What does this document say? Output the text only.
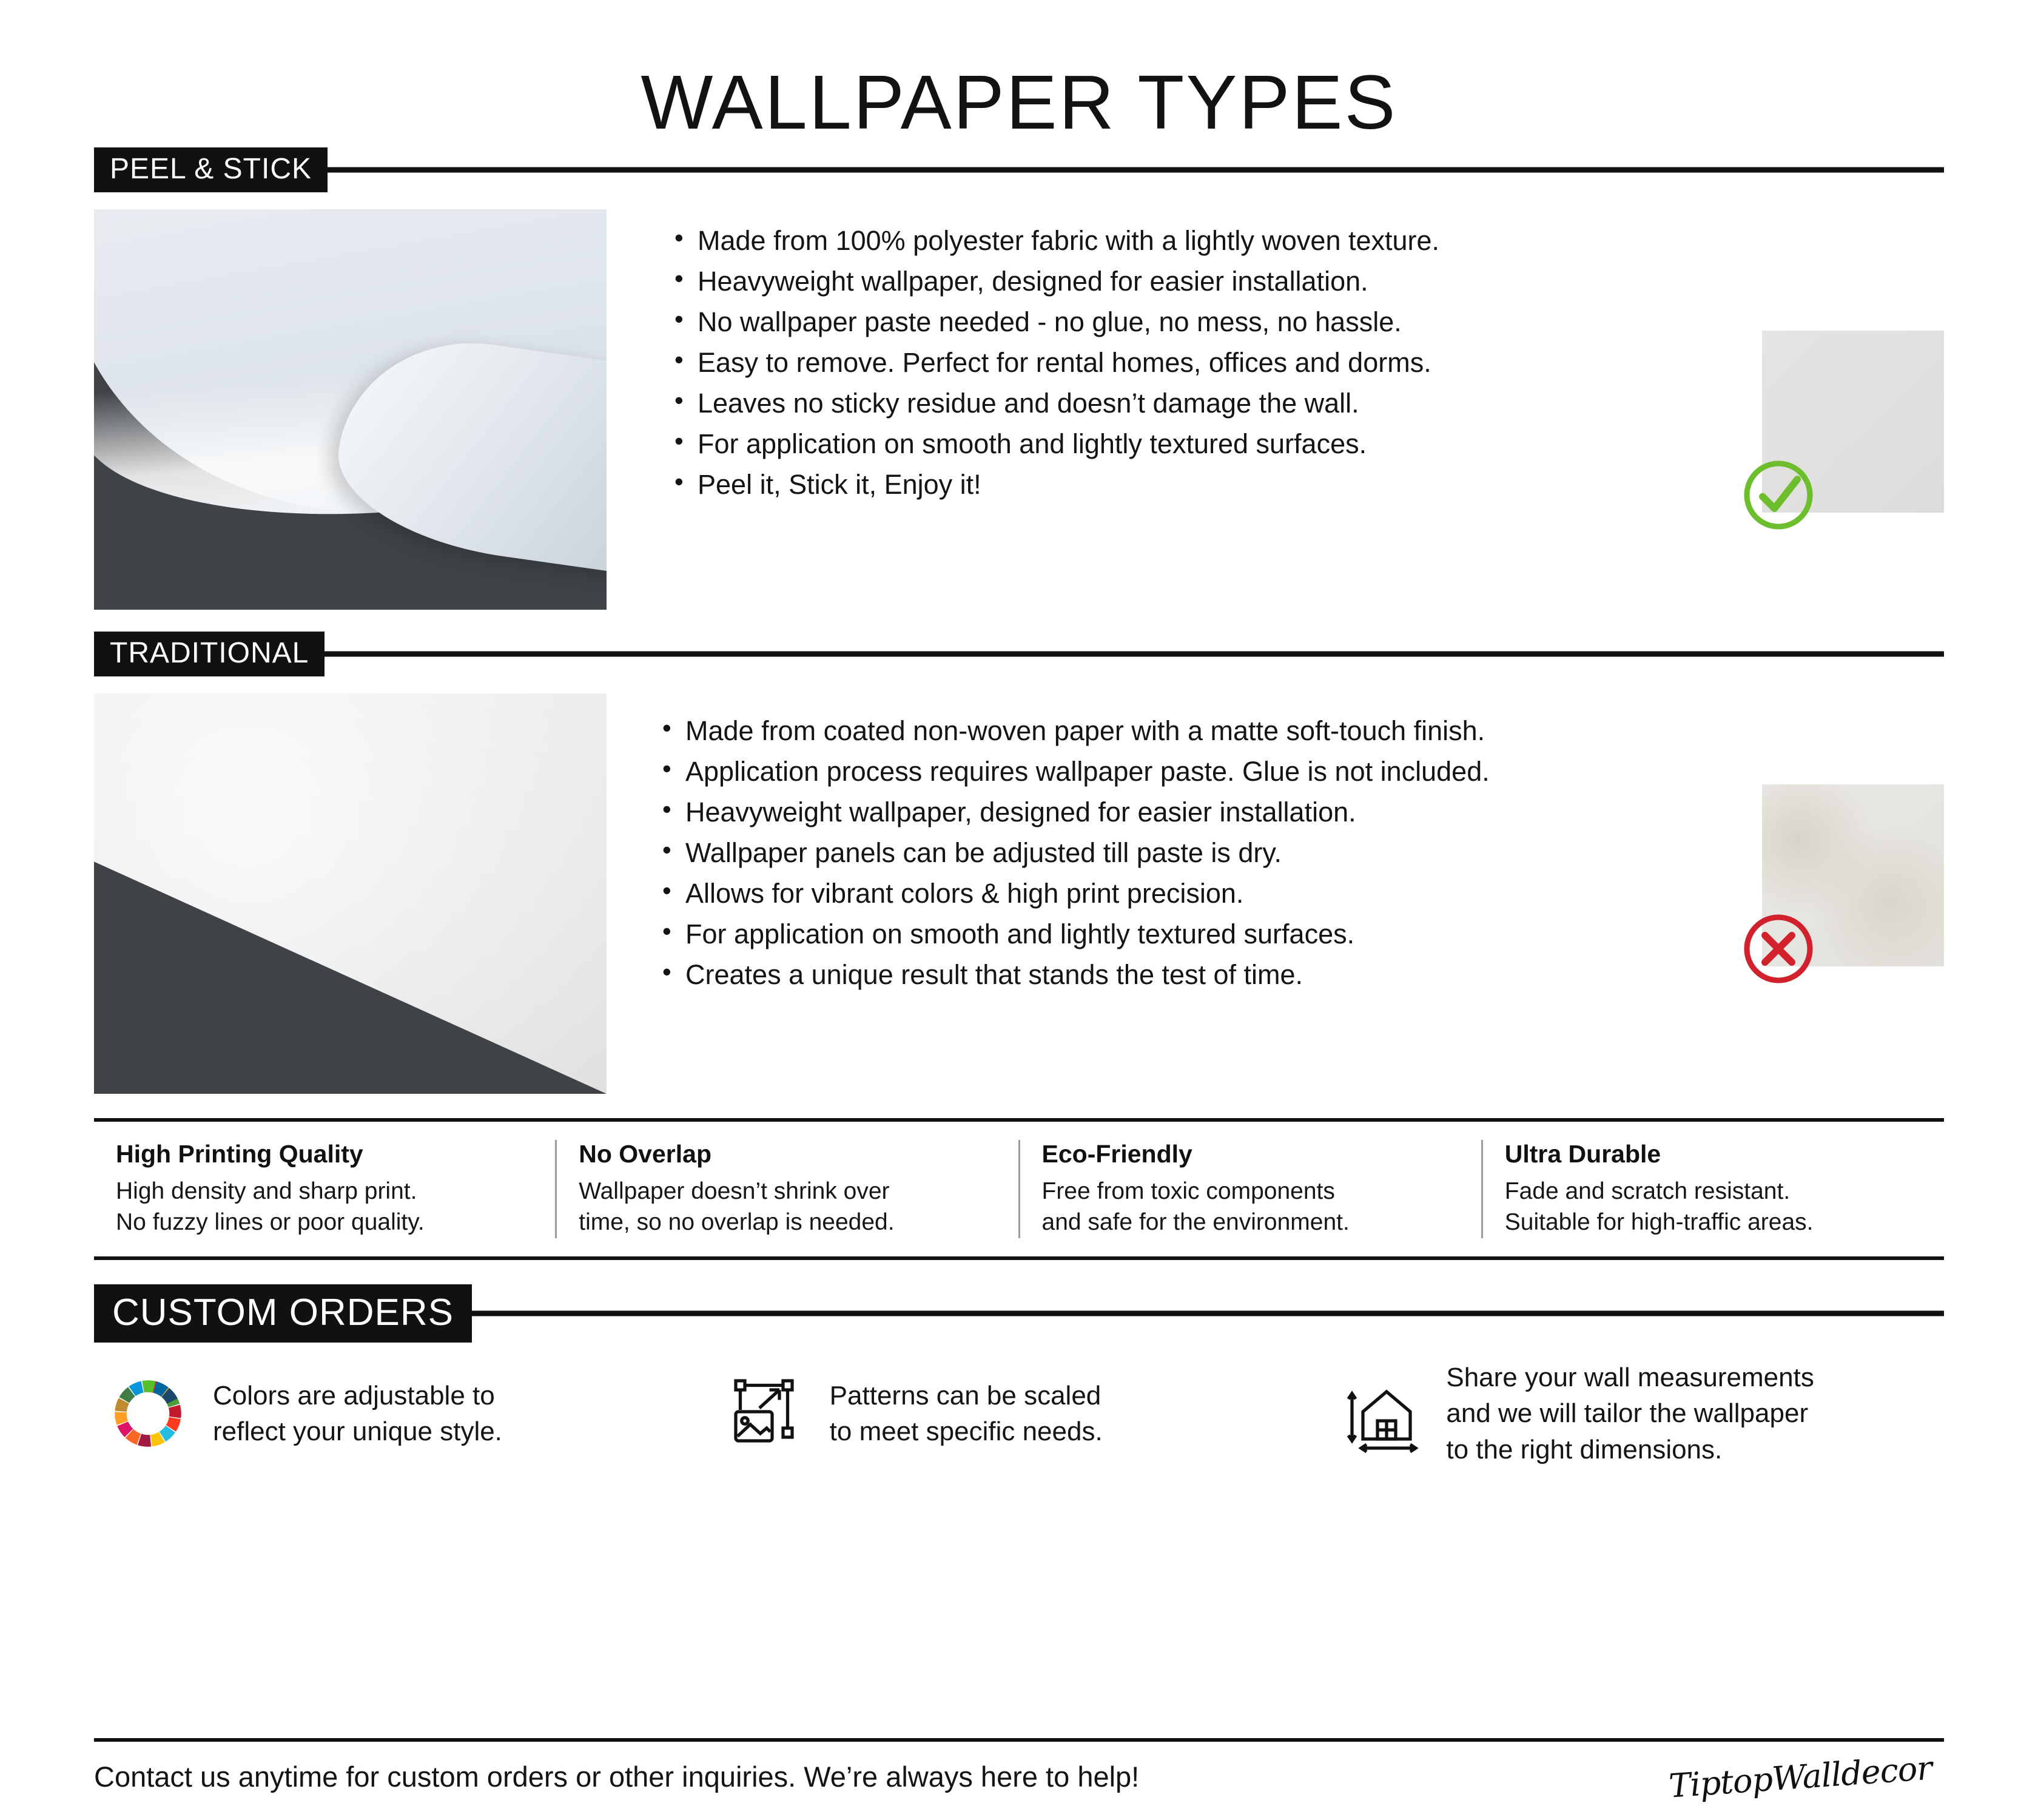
WALLPAPER TYPES
PEEL & STICK
• Made from 100% polyester fabric with a lightly woven texture.
• Heavyweight wallpaper, designed for easier installation.
• No wallpaper paste needed - no glue, no mess, no hassle.
• Easy to remove. Perfect for rental homes, offices and dorms.
• Leaves no sticky residue and doesn’t damage the wall.
• For application on smooth and lightly textured surfaces.
• Peel it, Stick it, Enjoy it!
TRADITIONAL
• Made from coated non-woven paper with a matte soft-touch finish.
• Application process requires wallpaper paste. Glue is not included.
• Heavyweight wallpaper, designed for easier installation.
• Wallpaper panels can be adjusted till paste is dry.
• Allows for vibrant colors & high print precision.
• For application on smooth and lightly textured surfaces.
• Creates a unique result that stands the test of time.
High Printing Quality

High density and sharp print.

No fuzzy lines or poor quality.

No Overlap

Wallpaper doesn’t shrink over

time, so no overlap is needed.

Eco-Friendly

Free from toxic components

and safe for the environment.

Ultra Durable

Fade and scratch resistant.

Suitable for high-traffic areas.

CUSTOM ORDERS
Colors are adjustable to
reflect your unique style.
Patterns can be scaled
to meet specific needs.
Share your wall measurements
and we will tailor the wallpaper
to the right dimensions.
Contact us anytime for custom orders or other inquiries. We’re always here to help!	TiptopWalldecor
